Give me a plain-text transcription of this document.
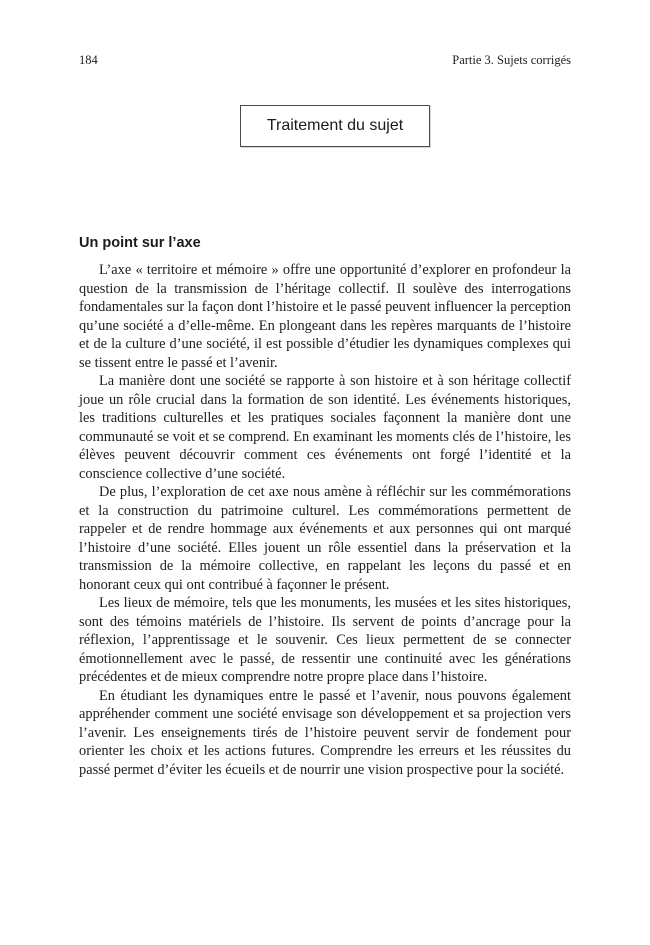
184	Partie 3. Sujets corrigés
Traitement du sujet
Un point sur l’axe

L’axe « territoire et mémoire » offre une opportunité d’explorer en profondeur la question de la transmission de l’héritage collectif. Il soulève des interrogations fondamentales sur la façon dont l’histoire et le passé peuvent influencer la perception qu’une société a d’elle-même. En plongeant dans les repères marquants de l’histoire et de la culture d’une société, il est possible d’étudier les dynamiques complexes qui se tissent entre le passé et l’avenir.

La manière dont une société se rapporte à son histoire et à son héritage collectif joue un rôle crucial dans la formation de son identité. Les événements historiques, les traditions culturelles et les pratiques sociales façonnent la manière dont une communauté se voit et se comprend. En examinant les moments clés de l’histoire, les élèves peuvent découvrir comment ces événements ont forgé l’identité et la conscience collective d’une société.

De plus, l’exploration de cet axe nous amène à réfléchir sur les commémorations et la construction du patrimoine culturel. Les commémorations permettent de rappeler et de rendre hommage aux événements et aux personnes qui ont marqué l’histoire d’une société. Elles jouent un rôle essentiel dans la préservation et la transmission de la mémoire collective, en rappelant les leçons du passé et en honorant ceux qui ont contribué à façonner le présent.

Les lieux de mémoire, tels que les monuments, les musées et les sites historiques, sont des témoins matériels de l’histoire. Ils servent de points d’ancrage pour la réflexion, l’apprentissage et le souvenir. Ces lieux permettent de se connecter émotionnellement avec le passé, de ressentir une continuité avec les générations précédentes et de mieux comprendre notre propre place dans l’histoire.

En étudiant les dynamiques entre le passé et l’avenir, nous pouvons également appréhender comment une société envisage son développement et sa projection vers l’avenir. Les enseignements tirés de l’histoire peuvent servir de fondement pour orienter les choix et les actions futures. Comprendre les erreurs et les réussites du passé permet d’éviter les écueils et de nourrir une vision prospective pour la société.
